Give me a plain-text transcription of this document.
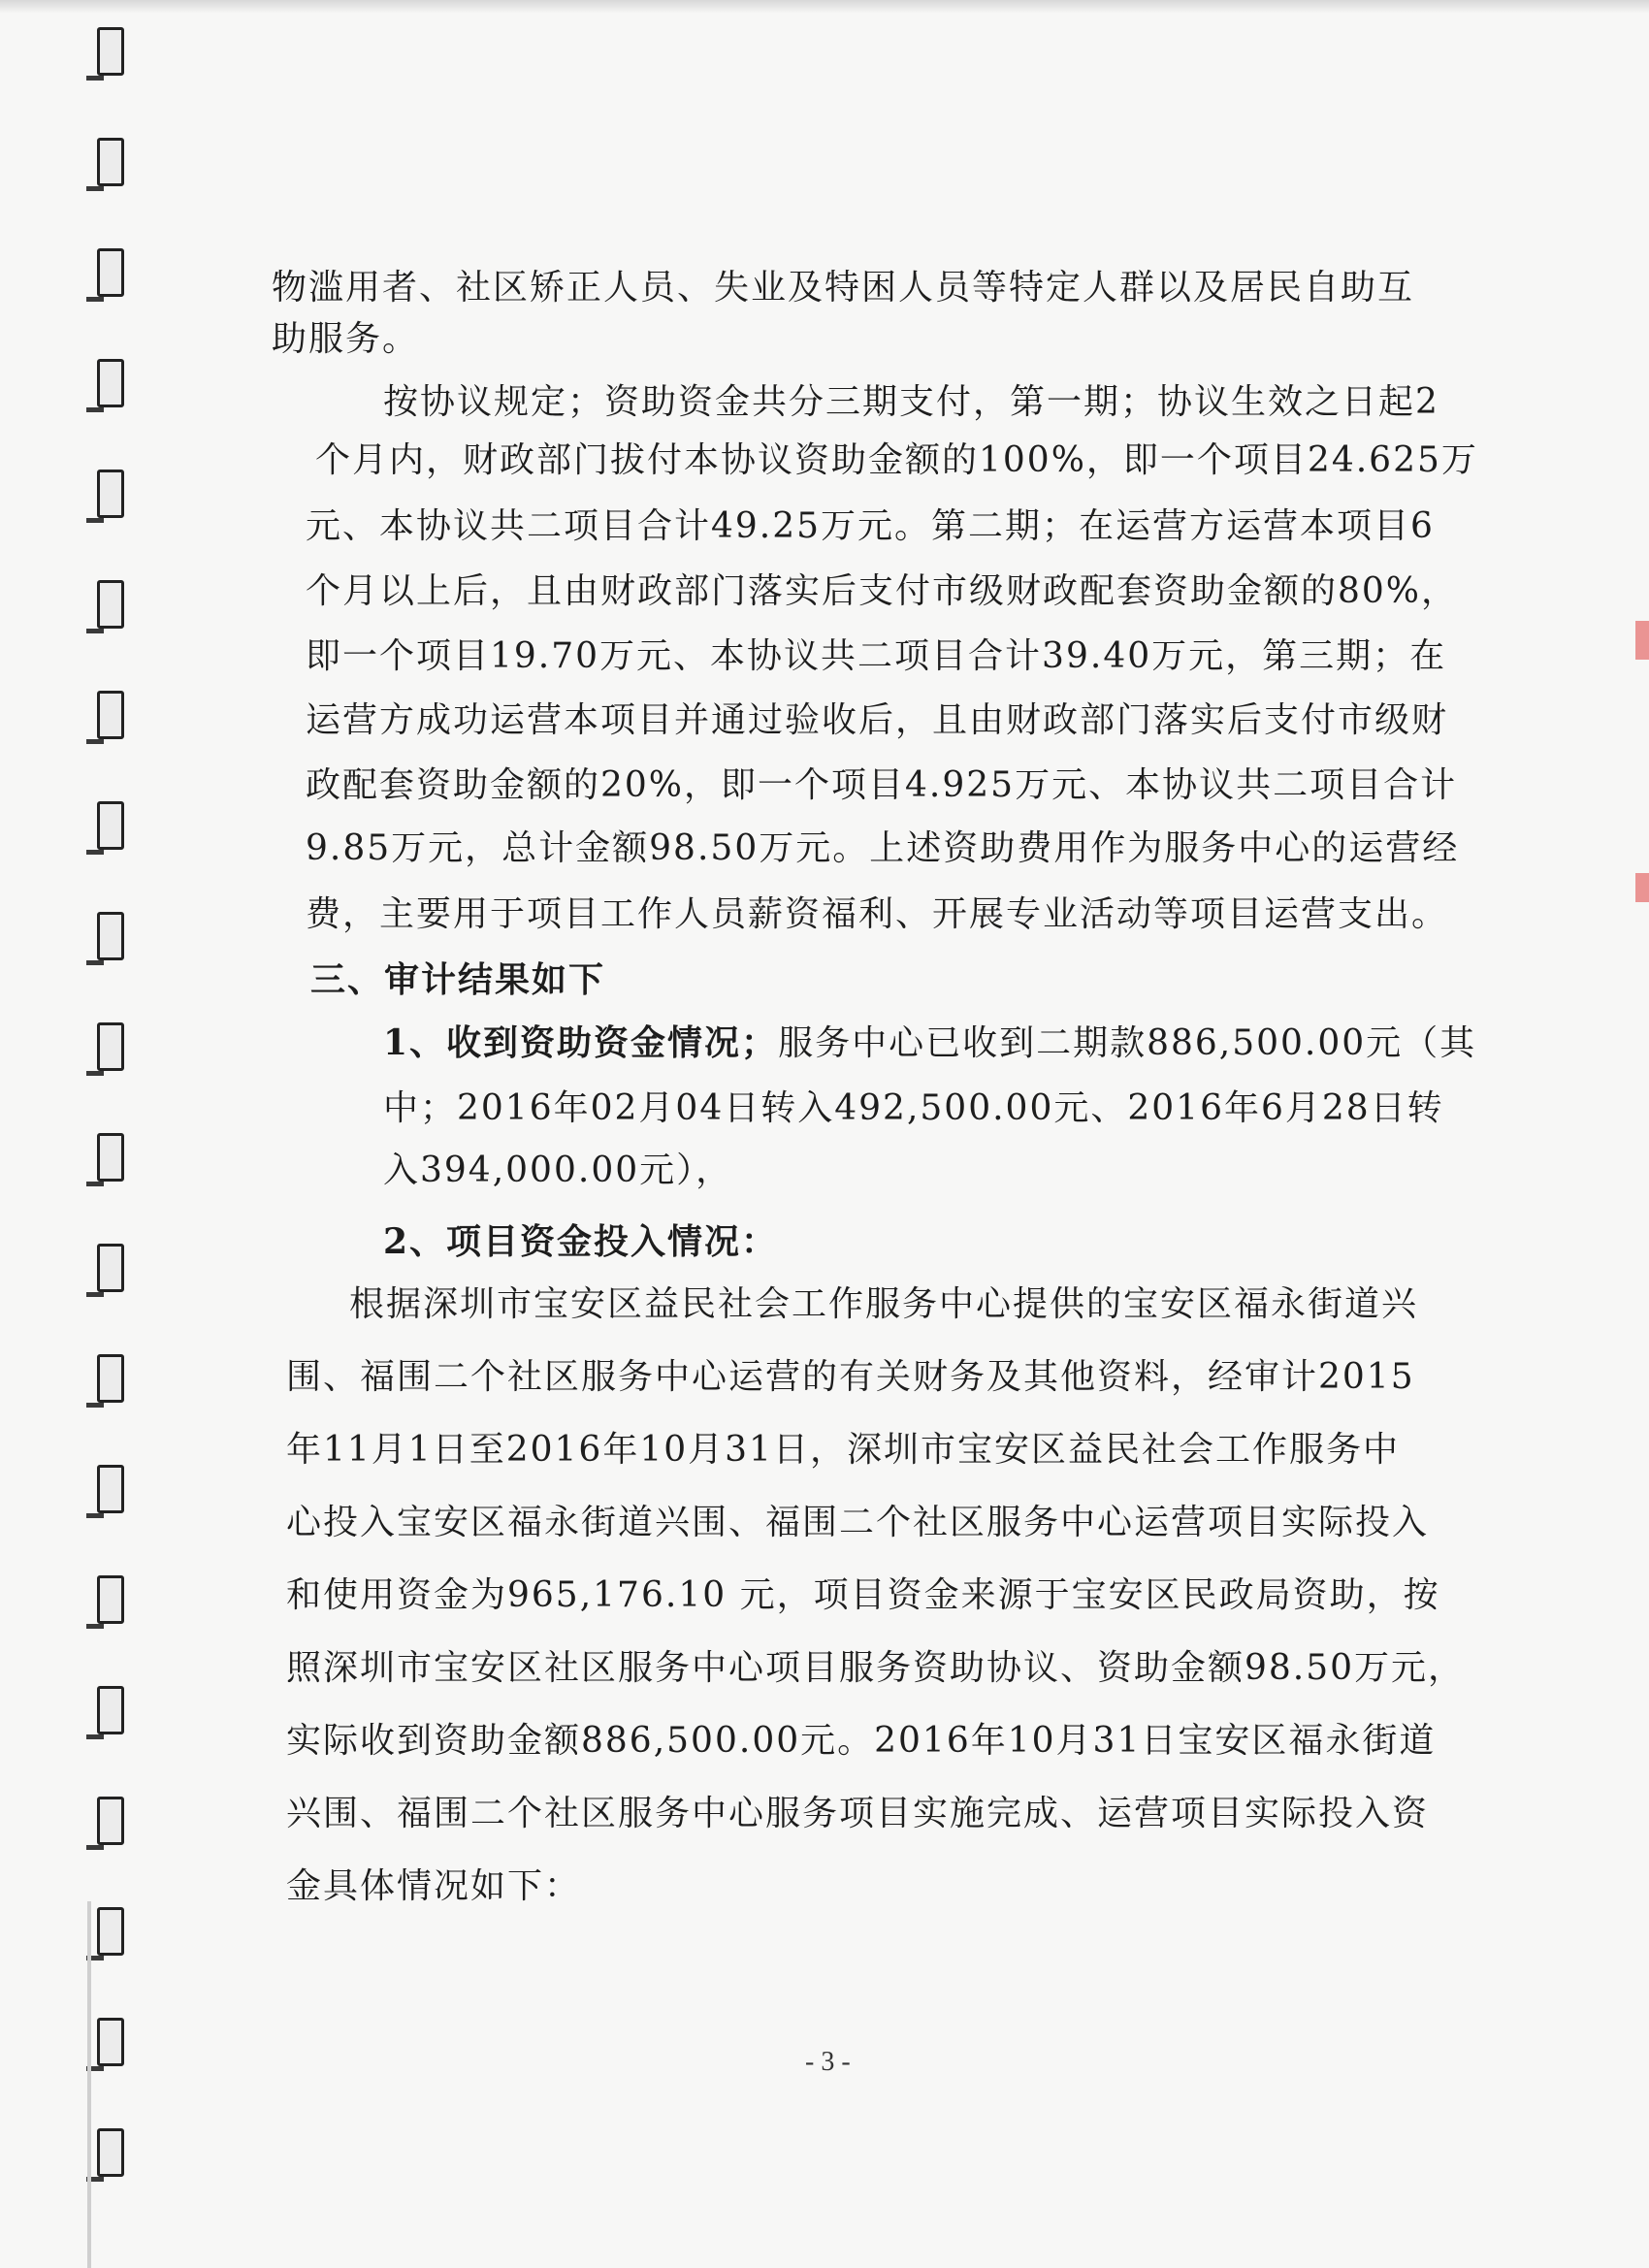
物滥用者、社区矫正人员、失业及特困人员等特定人群以及居民自助互
助服务。
按协议规定；资助资金共分三期支付，第一期；协议生效之日起2
个月内，财政部门拔付本协议资助金额的100%，即一个项目24.625万
元、本协议共二项目合计49.25万元。第二期；在运营方运营本项目6
个月以上后，且由财政部门落实后支付市级财政配套资助金额的80%，
即一个项目19.70万元、本协议共二项目合计39.40万元，第三期；在
运营方成功运营本项目并通过验收后，且由财政部门落实后支付市级财
政配套资助金额的20%，即一个项目4.925万元、本协议共二项目合计
9.85万元，总计金额98.50万元。上述资助费用作为服务中心的运营经
费，主要用于项目工作人员薪资福利、开展专业活动等项目运营支出。
三、审计结果如下
1、收到资助资金情况；服务中心已收到二期款886,500.00元（其
中；2016年02月04日转入492,500.00元、2016年6月28日转
入394,000.00元），
2、项目资金投入情况：
根据深圳市宝安区益民社会工作服务中心提供的宝安区福永街道兴
围、福围二个社区服务中心运营的有关财务及其他资料，经审计2015
年11月1日至2016年10月31日，深圳市宝安区益民社会工作服务中
心投入宝安区福永街道兴围、福围二个社区服务中心运营项目实际投入
和使用资金为965,176.10 元，项目资金来源于宝安区民政局资助，按
照深圳市宝安区社区服务中心项目服务资助协议、资助金额98.50万元，
实际收到资助金额886,500.00元。2016年10月31日宝安区福永街道
兴围、福围二个社区服务中心服务项目实施完成、运营项目实际投入资
金具体情况如下：
- 3 -
